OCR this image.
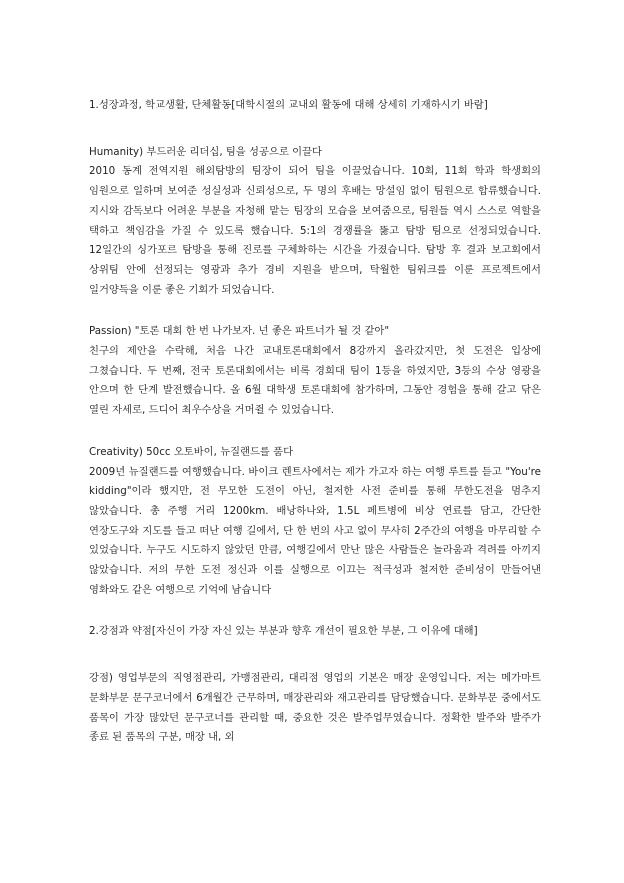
1.성장과정, 학교생활, 단체활동[대학시절의 교내외 활동에 대해 상세히 기재하시기 바람]

Humanity) 부드러운 리더십, 팀을 성공으로 이끌다

2010 동계 전역지원 해외탐방의 팀장이 되어 팀을 이끌었습니다. 10회, 11회 학과 학생회의 임원으로 일하며 보여준 성실성과 신뢰성으로, 두 명의 후배는 망설임 없이 팀원으로 합류했습니다. 지시와 감독보다 어려운 부분을 자청해 맡는 팀장의 모습을 보여줌으로, 팀원들 역시 스스로 역할을 택하고 책임감을 가질 수 있도록 했습니다. 5:1의 경쟁률을 뚫고 탐방 팀으로 선정되었습니다. 12일간의 싱가포르 탐방을 통해 진로를 구체화하는 시간을 가졌습니다. 탐방 후 결과 보고회에서 상위팀 안에 선정되는 영광과 추가 경비 지원을 받으며, 탁월한 팀워크를 이룬 프로젝트에서 일거양득을 이룬 좋은 기회가 되었습니다.

Passion) "토론 대회 한 번 나가보자. 넌 좋은 파트너가 될 것 같아"

친구의 제안을 수락해, 처음 나간 교내토론대회에서 8강까지 올라갔지만, 첫 도전은 입상에 그쳤습니다. 두 번째, 전국 토론대회에서는 비록 경희대 팀이 1등을 하였지만, 3등의 수상 영광을 안으며 한 단계 발전했습니다. 올 6월 대학생 토론대회에 참가하며, 그동안 경험을 통해 갈고 닦은 열린 자세로, 드디어 최우수상을 거머쥘 수 있었습니다.

Creativity) 50cc 오토바이, 뉴질랜드를 품다

2009년 뉴질랜드를 여행했습니다. 바이크 렌트사에서는 제가 가고자 하는 여행 루트를 듣고 "You're kidding"이라 했지만, 전 무모한 도전이 아닌, 철저한 사전 준비를 통해 무한도전을 멈추지 않았습니다. 총 주행 거리 1200km. 배낭하나와, 1.5L 페트병에 비상 연료를 담고, 간단한 연장도구와 지도를 들고 떠난 여행 길에서, 단 한 번의 사고 없이 무사히 2주간의 여행을 마무리할 수 있었습니다. 누구도 시도하지 않았던 만큼, 여행길에서 만난 많은 사람들은 놀라움과 격려를 아끼지 않았습니다. 저의 무한 도전 정신과 이를 실행으로 이끄는 적극성과 철저한 준비성이 만들어낸 영화와도 같은 여행으로 기억에 남습니다

2.강점과 약점[자신이 가장 자신 있는 부분과 향후 개선이 필요한 부분, 그 이유에 대해]

강점) 영업부문의 직영점관리, 가맹점관리, 대리점 영업의 기본은 매장 운영입니다. 저는 메가마트 문화부문 문구코너에서 6개월간 근무하며, 매장관리와 재고관리를 담당했습니다. 문화부문 중에서도 품목이 가장 많았던 문구코너를 관리할 때, 중요한 것은 발주업무였습니다. 정확한 발주와 발주가 종료 된 품목의 구분, 매장 내, 외
